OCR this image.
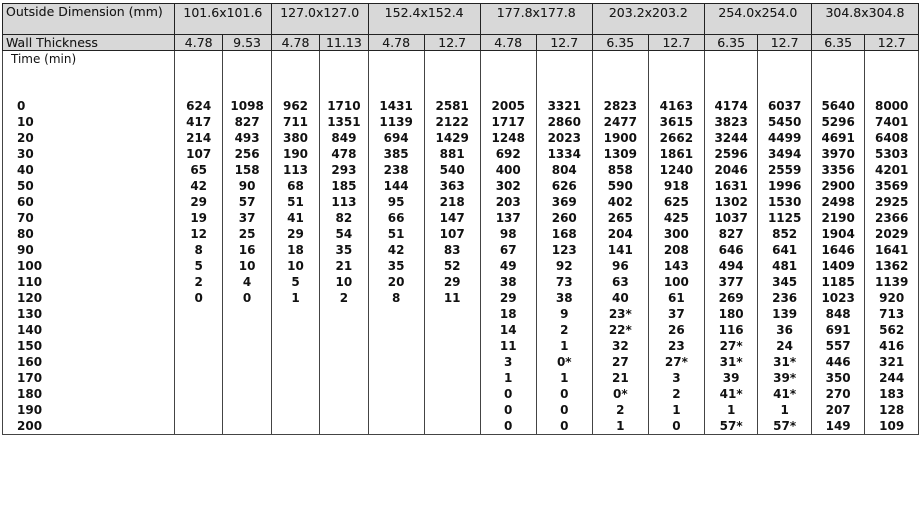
Outside Dimension (mm)	101.6x101.6		127.0x127.0		152.4x152.4		177.8x177.8		203.2x203.2		254.0x254.0		304.8x304.8	
Wall Thickness	4.78	9.53	4.78	11.13	4.78	12.7	4.78	12.7	6.35	12.7	6.35	12.7	6.35	12.7
Time (min)														

0	624	1098	962	1710	1431	2581	2005	3321	2823	4163	4174	6037	5640	8000
10	417	827	711	1351	1139	2122	1717	2860	2477	3615	3823	5450	5296	7401
20	214	493	380	849	694	1429	1248	2023	1900	2662	3244	4499	4691	6408
30	107	256	190	478	385	881	692	1334	1309	1861	2596	3494	3970	5303
40	65	158	113	293	238	540	400	804	858	1240	2046	2559	3356	4201
50	42	90	68	185	144	363	302	626	590	918	1631	1996	2900	3569
60	29	57	51	113	95	218	203	369	402	625	1302	1530	2498	2925
70	19	37	41	82	66	147	137	260	265	425	1037	1125	2190	2366
80	12	25	29	54	51	107	98	168	204	300	827	852	1904	2029
90	8	16	18	35	42	83	67	123	141	208	646	641	1646	1641
100	5	10	10	21	35	52	49	92	96	143	494	481	1409	1362
110	2	4	5	10	20	29	38	73	63	100	377	345	1185	1139
120	0	0	1	2	8	11	29	38	40	61	269	236	1023	920
130							18	9	23*	37	180	139	848	713
140							14	2	22*	26	116	36	691	562
150							11	1	32	23	27*	24	557	416
160							3	0*	27	27*	31*	31*	446	321
170							1	1	21	3	39	39*	350	244
180							0	0	0*	2	41*	41*	270	183
190							0	0	2	1	1	1	207	128
200							0	0	1	0	57*	57*	149	109
